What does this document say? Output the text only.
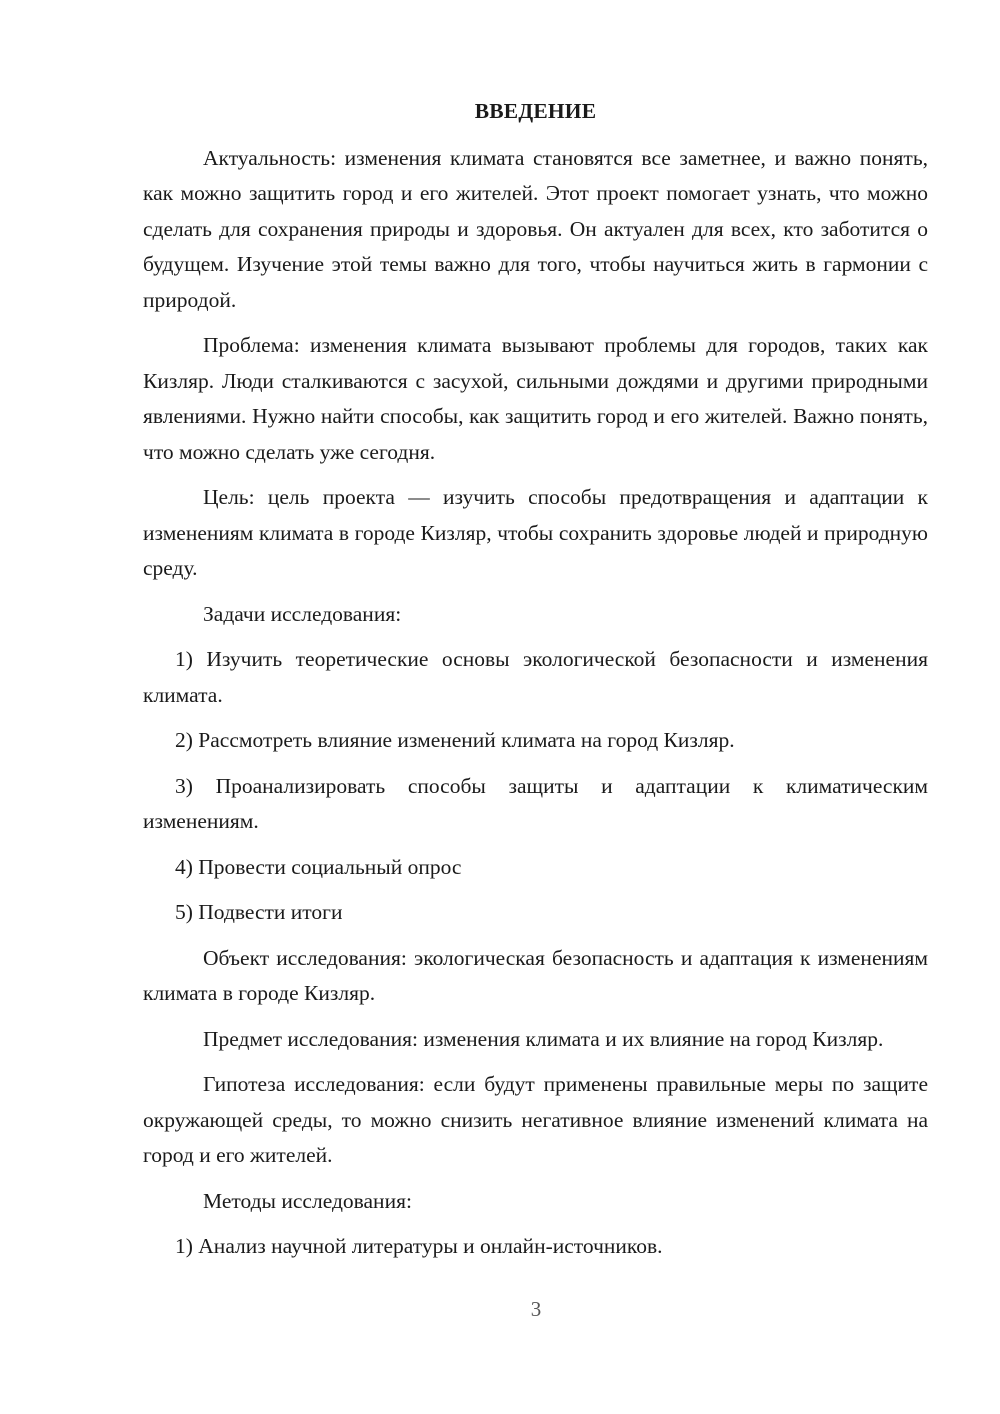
ВВЕДЕНИЕ

Актуальность: изменения климата становятся все заметнее, и важно понять, как можно защитить город и его жителей. Этот проект помогает узнать, что можно сделать для сохранения природы и здоровья. Он актуален для всех, кто заботится о будущем. Изучение этой темы важно для того, чтобы научиться жить в гармонии с природой.

Проблема: изменения климата вызывают проблемы для городов, таких как Кизляр. Люди сталкиваются с засухой, сильными дождями и другими природными явлениями. Нужно найти способы, как защитить город и его жителей. Важно понять, что можно сделать уже сегодня.

Цель: цель проекта — изучить способы предотвращения и адаптации к изменениям климата в городе Кизляр, чтобы сохранить здоровье людей и природную среду.

Задачи исследования:

1) Изучить теоретические основы экологической безопасности и изменения климата.

2) Рассмотреть влияние изменений климата на город Кизляр.

3) Проанализировать способы защиты и адаптации к климатическим изменениям.

4) Провести социальный опрос

5) Подвести итоги

Объект исследования: экологическая безопасность и адаптация к изменениям климата в городе Кизляр.

Предмет исследования: изменения климата и их влияние на город Кизляр.

Гипотеза исследования: если будут применены правильные меры по защите окружающей среды, то можно снизить негативное влияние изменений климата на город и его жителей.

Методы исследования:

1) Анализ научной литературы и онлайн-источников.

3
